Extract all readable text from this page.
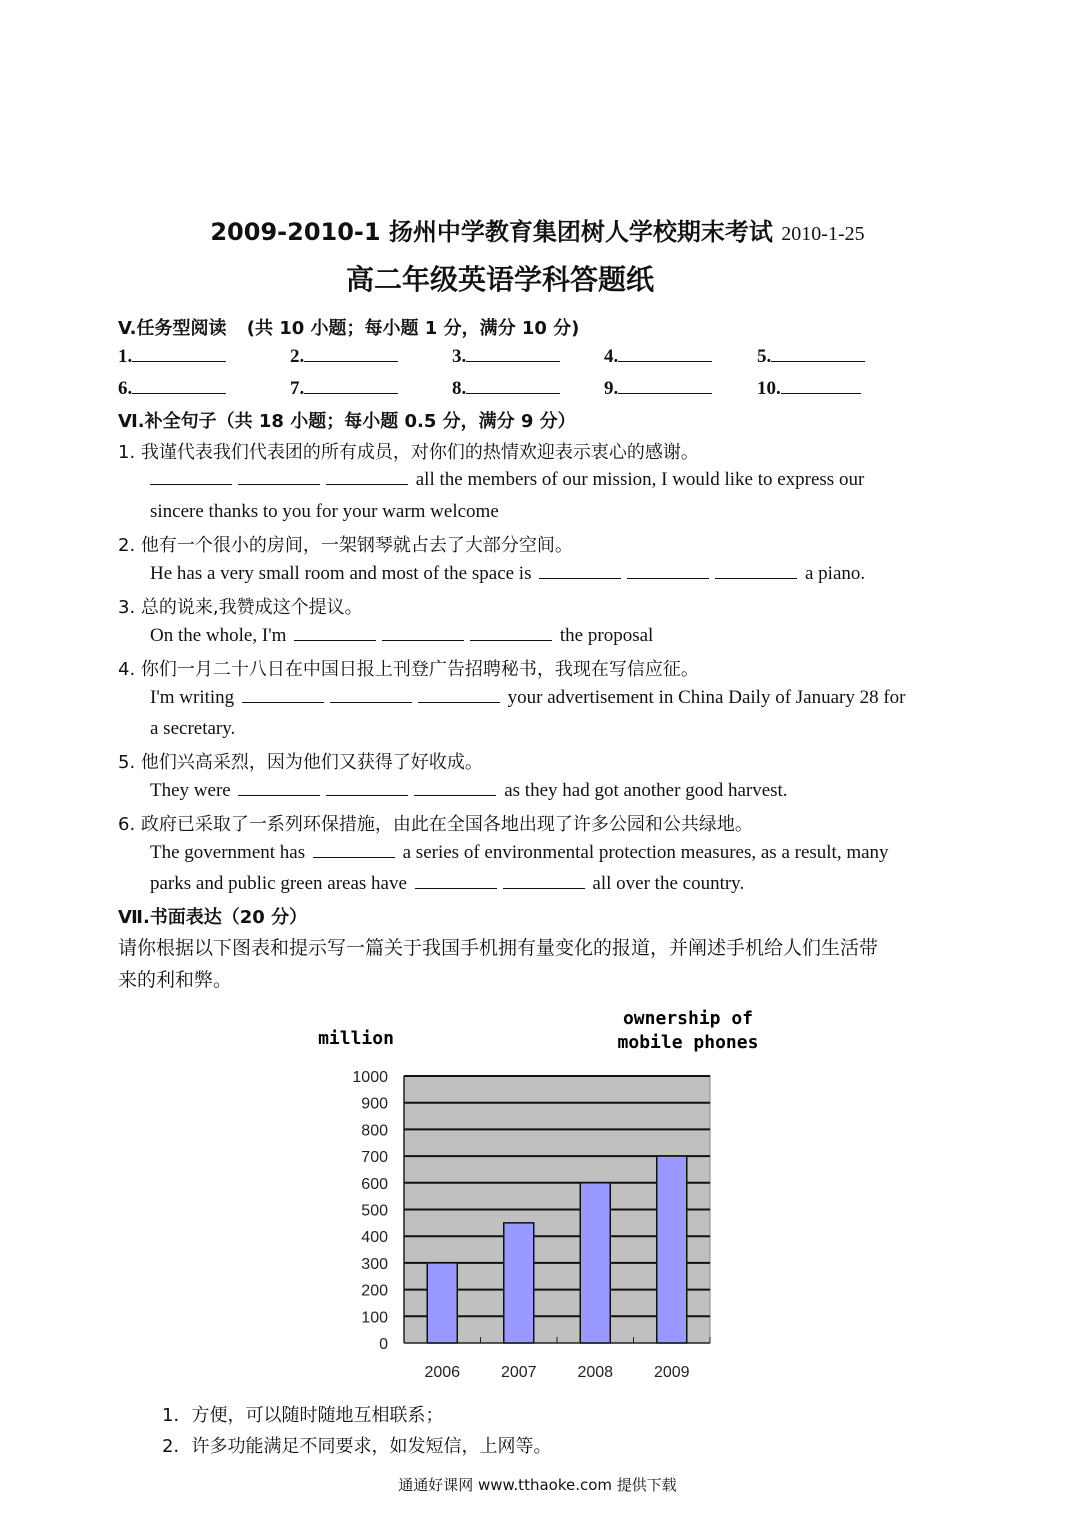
2009-2010-1 扬州中学教育集团树人学校期末考试 2010-1-25
高二年级英语学科答题纸
V.任务型阅读 (共 10 小题；每小题 1 分，满分 10 分)
1.	2.	3.	4.	5.
6.	7.	8.	9.	10.
Ⅵ.补全句子（共 18 小题；每小题 0.5 分，满分 9 分）
1. 我谨代表我们代表团的所有成员，对你们的热情欢迎表示衷心的感谢。
all the members of our mission, I would like to express our
sincere thanks to you for your warm welcome
2. 他有一个很小的房间，一架钢琴就占去了大部分空间。
He has a very small room and most of the space is	a piano.
3. 总的说来,我赞成这个提议。
On the whole, I'm	the proposal
4. 你们一月二十八日在中国日报上刊登广告招聘秘书，我现在写信应征。
I'm writing	your advertisement in China Daily of January 28 for
a secretary.
5. 他们兴高采烈，因为他们又获得了好收成。
They were	as they had got another good harvest.
6. 政府已采取了一系列环保措施，由此在全国各地出现了许多公园和公共绿地。
The government has	a series of environmental protection measures, as a result, many
parks and public green areas have	all over the country.
Ⅶ.书面表达（20 分）
请你根据以下图表和提示写一篇关于我国手机拥有量变化的报道，并阐述手机给人们生活带
来的利和弊。
ownership of
mobile phones
million
0
100
200
300
400
500
600
700
800
900
1000
2006	2007	2008	2009
1．方便，可以随时随地互相联系；
2．许多功能满足不同要求，如发短信，上网等。
通通好课网 www.tthaoke.com 提供下载
